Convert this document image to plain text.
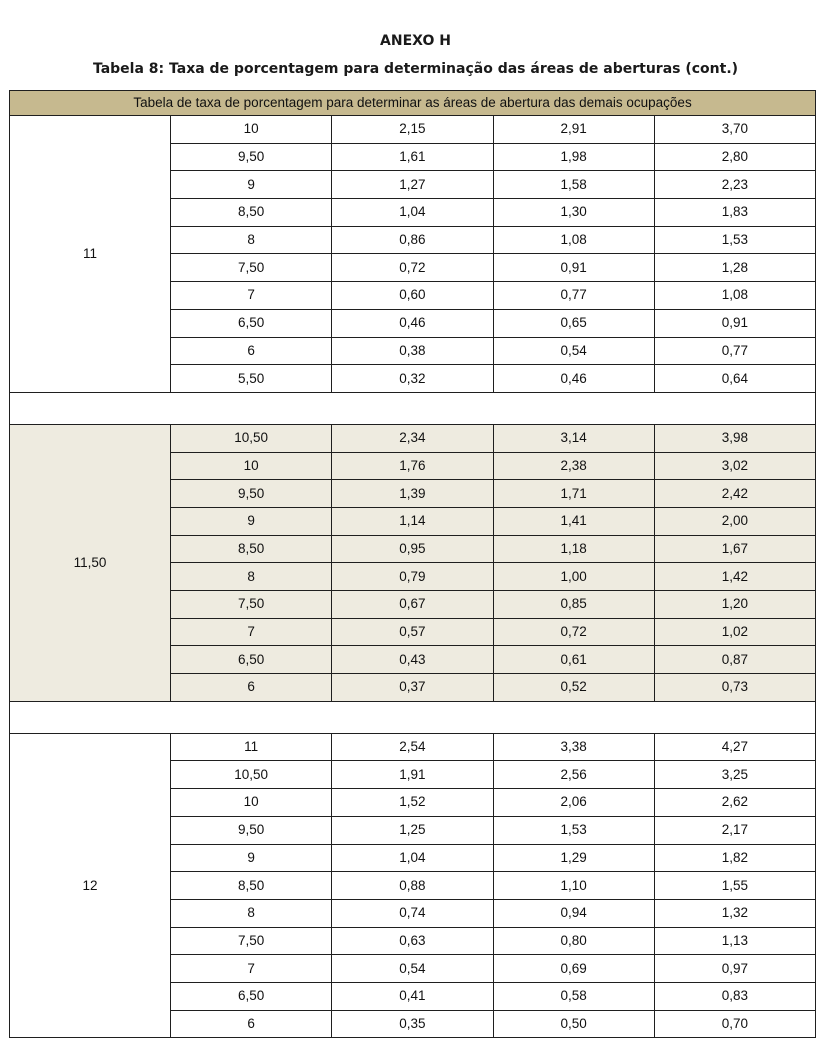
ANEXO H
Tabela 8: Taxa de porcentagem para determinação das áreas de aberturas (cont.)
Tabela de taxa de porcentagem para determinar as áreas de abertura das demais ocupações				
11	10	2,15	2,91	3,70
	9,50	1,61	1,98	2,80
	9	1,27	1,58	2,23
	8,50	1,04	1,30	1,83
	8	0,86	1,08	1,53
	7,50	0,72	0,91	1,28
	7	0,60	0,77	1,08
	6,50	0,46	0,65	0,91
	6	0,38	0,54	0,77
	5,50	0,32	0,46	0,64

11,50	10,50	2,34	3,14	3,98
	10	1,76	2,38	3,02
	9,50	1,39	1,71	2,42
	9	1,14	1,41	2,00
	8,50	0,95	1,18	1,67
	8	0,79	1,00	1,42
	7,50	0,67	0,85	1,20
	7	0,57	0,72	1,02
	6,50	0,43	0,61	0,87
	6	0,37	0,52	0,73

12	11	2,54	3,38	4,27
	10,50	1,91	2,56	3,25
	10	1,52	2,06	2,62
	9,50	1,25	1,53	2,17
	9	1,04	1,29	1,82
	8,50	0,88	1,10	1,55
	8	0,74	0,94	1,32
	7,50	0,63	0,80	1,13
	7	0,54	0,69	0,97
	6,50	0,41	0,58	0,83
	6	0,35	0,50	0,70
